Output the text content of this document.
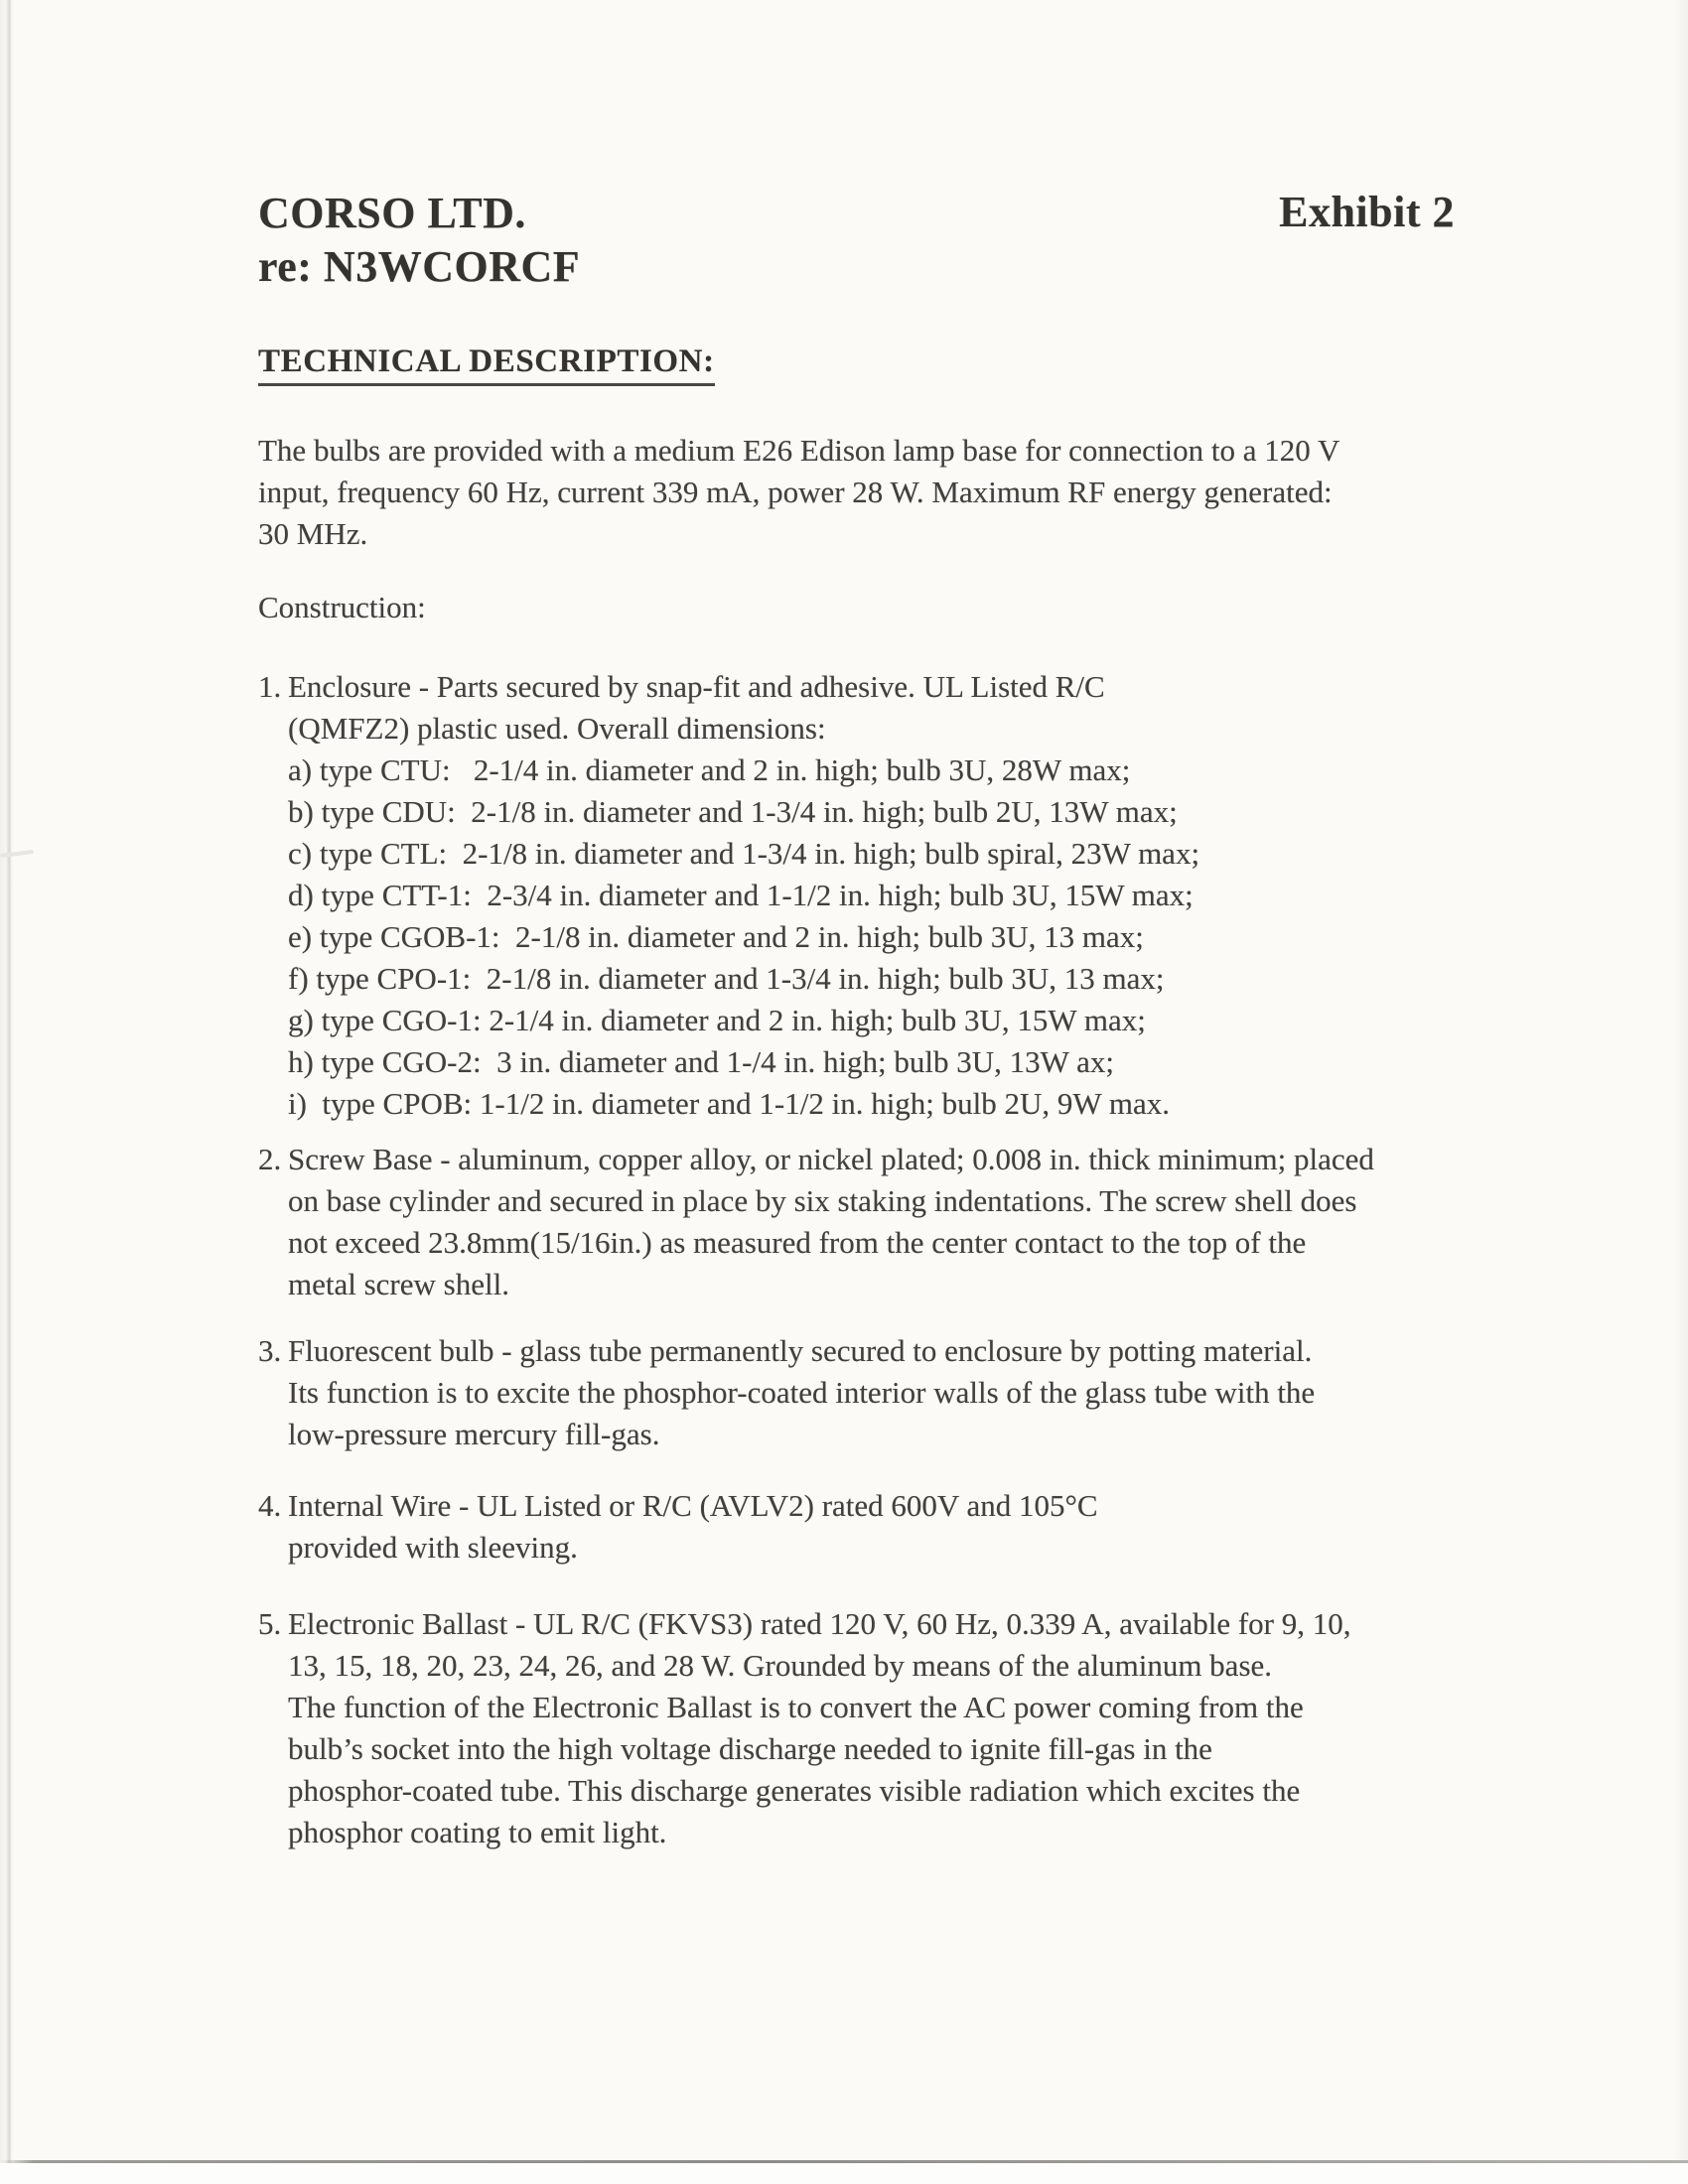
CORSO LTD.
re: N3WCORCF
Exhibit 2
TECHNICAL DESCRIPTION:
The bulbs are provided with a medium E26 Edison lamp base for connection to a 120 V
input, frequency 60 Hz, current 339 mA, power 28 W. Maximum RF energy generated:
30 MHz.
Construction:
1. Enclosure - Parts secured by snap-fit and adhesive. UL Listed R/C
(QMFZ2) plastic used. Overall dimensions:
a) type CTU:   2-1/4 in. diameter and 2 in. high; bulb 3U, 28W max;
b) type CDU:  2-1/8 in. diameter and 1-3/4 in. high; bulb 2U, 13W max;
c) type CTL:  2-1/8 in. diameter and 1-3/4 in. high; bulb spiral, 23W max;
d) type CTT-1:  2-3/4 in. diameter and 1-1/2 in. high; bulb 3U, 15W max;
e) type CGOB-1:  2-1/8 in. diameter and 2 in. high; bulb 3U, 13 max;
f) type CPO-1:  2-1/8 in. diameter and 1-3/4 in. high; bulb 3U, 13 max;
g) type CGO-1: 2-1/4 in. diameter and 2 in. high; bulb 3U, 15W max;
h) type CGO-2:  3 in. diameter and 1-/4 in. high; bulb 3U, 13W ax;
i)  type CPOB: 1-1/2 in. diameter and 1-1/2 in. high; bulb 2U, 9W max.
2. Screw Base - aluminum, copper alloy, or nickel plated; 0.008 in. thick minimum; placed
on base cylinder and secured in place by six staking indentations. The screw shell does
not exceed 23.8mm(15/16in.) as measured from the center contact to the top of the
metal screw shell.
3. Fluorescent bulb - glass tube permanently secured to enclosure by potting material.
Its function is to excite the phosphor-coated interior walls of the glass tube with the
low-pressure mercury fill-gas.
4. Internal Wire - UL Listed or R/C (AVLV2) rated 600V and 105°C
provided with sleeving.
5. Electronic Ballast - UL R/C (FKVS3) rated 120 V, 60 Hz, 0.339 A, available for 9, 10,
13, 15, 18, 20, 23, 24, 26, and 28 W. Grounded by means of the aluminum base.
The function of the Electronic Ballast is to convert the AC power coming from the
bulb’s socket into the high voltage discharge needed to ignite fill-gas in the
phosphor-coated tube. This discharge generates visible radiation which excites the
phosphor coating to emit light.
